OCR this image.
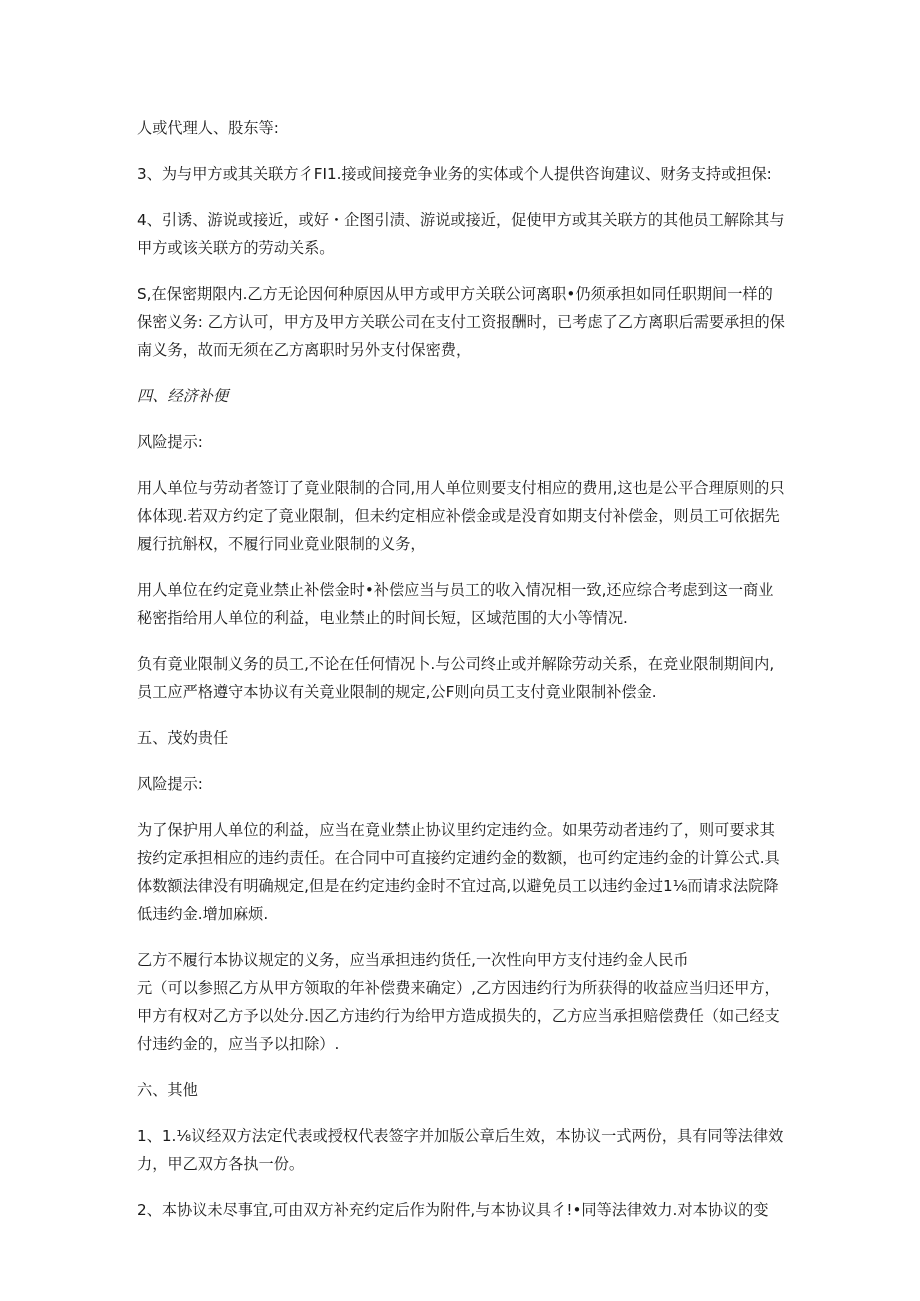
人或代理人、股东等:

3、为与甲方或其关联方彳FI1.接或间接竞争业务的实体或个人提供咨询建议、财务支持或担保:

4、引诱、游说或接近，或好・企图引渍、游说或接近，促使甲方或其关联方的其他员工解除其与甲方或该关联方的劳动关系。

S,在保密期限内.乙方无论因何种原因从甲方或甲方关联公诃离职•仍须承担如同任职期间一样的保密义务: 乙方认可，甲方及甲方关联公司在支付工资报酬时，已考虑了乙方离职后需要承担的保南义务，故而无须在乙方离职时另外支付保密费，

四、经济补便

风险提示:

用人单位与劳动者签订了竟业限制的合同,用人单位则要支付相应的费用,这也是公平合理原则的只体体现.若双方约定了竟业限制，但未约定相应补偿金或是没育如期支付补偿金，则员工可依据先履行抗斛权，不履行同业竟业限制的义务，

用人单位在约定竟业禁止补偿金时•补偿应当与员工的收入情况相一致,还应综合考虑到这一商业秘密指给用人单位的利益，电业禁止的时间长短，区域范围的大小等情况.

负有竟业限制义务的员工,不论在任何情况卜.与公司终止或并解除劳动关系，在竞业限制期间内,员工应严格遵守本协议有关竟业限制的规定,公F则向员工支付竟业限制补偿金.

五、茂妁贵任

风险提示:

为了保护用人单位的利益，应当在竟业禁止协议里约定违约佥。如果劳动者违约了，则可要求其按约定承担相应的违约责任。在合同中可直接约定逋约金的数额，也可约定违约金的计算公式.具体数额法律没有明确规定,但是在约定违约金时不宜过高,以避免员工以违约金过1⅛而请求法院降低违约金.增加麻烦.

乙方不履行本协议规定的义务，应当承担违约货任,一次性向甲方支付违约金人民币
元（可以参照乙方从甲方领取的年补偿费来确定）,乙方因违约行为所获得的收益应当归还甲方，甲方有权对乙方予以处分.因乙方违约行为给甲方造成损失的，乙方应当承担赔偿费任（如己经支付违约金的，应当予以扣除）.

六、其他

1、1.⅛议经双方法定代表或授权代表签字并加版公章后生效，本协议一式两份，具有同等法律效力，甲乙双方各执一份。

2、本协议未尽事宜,可由双方补充约定后作为附件,与本协议具彳!•同等法律效力.对本协议的变
